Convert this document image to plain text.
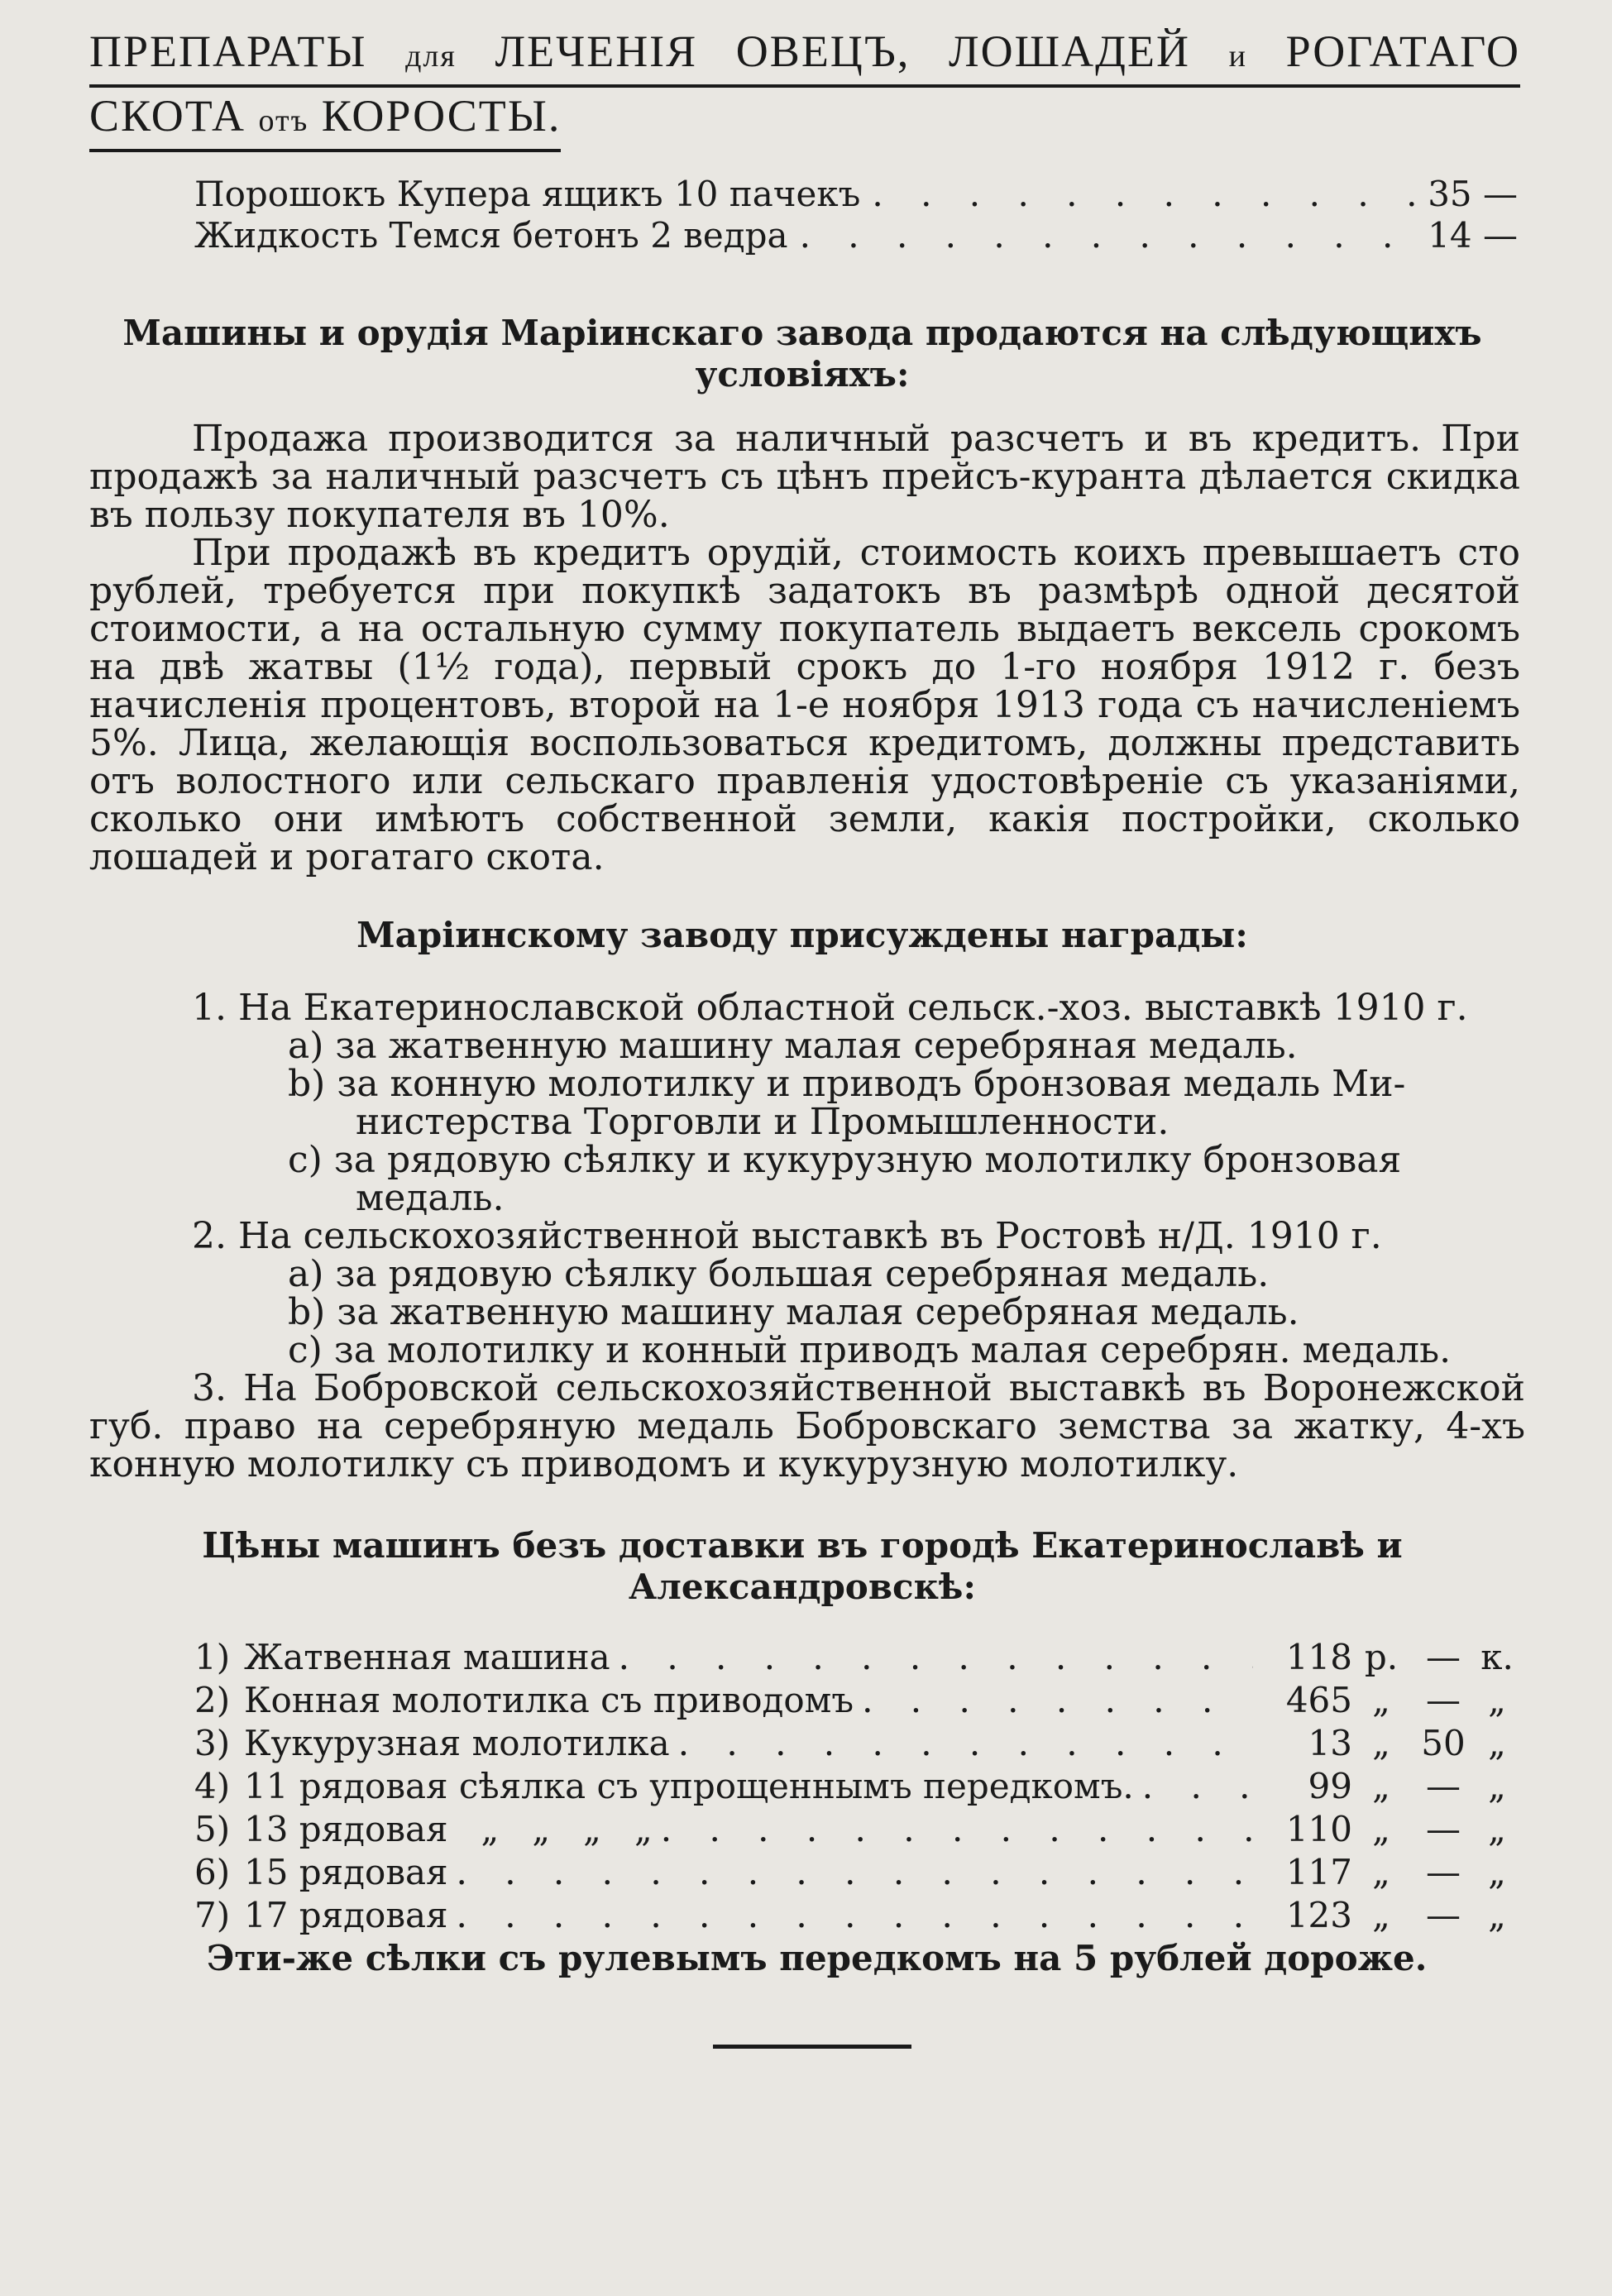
ПРЕПАРАТЫ для ЛЕЧЕНІЯ ОВЕЦЪ, ЛОШАДЕЙ и РОГАТАГО
СКОТА отъ КОРОСТЫ.
Порошокъ Купера ящикъ 10 пачекъ . . .	35 —
Жидкость Темся бетонъ 2 ведра . . .	14 —
Машины и орудія Маріинскаго завода продаются на слѣдующихъ условіяхъ:

Продажа производится за наличный разсчетъ и въ кредитъ. При продажѣ за наличный разсчетъ съ цѣнъ прейсъ-куранта дѣлается скидка въ пользу покупателя въ 10%.

При продажѣ въ кредитъ орудій, стоимость коихъ превышаетъ сто рублей, требуется при покупкѣ задатокъ въ размѣрѣ одной десятой стоимости, а на остальную сумму покупатель выдаетъ вексель срокомъ на двѣ жатвы (1½ года), первый срокъ до 1-го ноября 1912 г. безъ начисленія процентовъ, второй на 1-е ноября 1913 года съ начисленіемъ 5%. Лица, желающія воспользоваться кредитомъ, должны представить отъ волостного или сельскаго правленія удостовѣреніе съ указаніями, сколько они имѣютъ собственной земли, какія постройки, сколько лошадей и рогатаго скота.

Маріинскому заводу присуждены награды:

1. На Екатеринославской областной сельск.-хоз. выставкѣ 1910 г.

а) за жатвенную машину малая серебряная медаль.

b) за конную молотилку и приводъ бронзовая медаль Ми-

нистерства Торговли и Промышленности.

с) за рядовую сѣялку и кукурузную молотилку бронзовая

медаль.

2. На сельскохозяйственной выставкѣ въ Ростовѣ н/Д. 1910 г.

а) за рядовую сѣялку большая серебряная медаль.

b) за жатвенную машину малая серебряная медаль.

с) за молотилку и конный приводъ малая серебрян. медаль.

3. На Бобровской сельскохозяйственной выставкѣ въ Воронежской губ. право на серебряную медаль Бобровскаго земства за жатку, 4-хъ конную молотилку съ приводомъ и кукурузную молотилку.

Цѣны машинъ безъ доставки въ городѣ Екатеринославѣ и Александровскѣ:
1) Жатвенная машина . . .	118 р. — к.
2) Конная молотилка съ приводомъ . . .	465 „	— „
3) Кукурузная молотилка . . .	13 „ 50 „
4) 11 рядовая сѣялка съ упрощеннымъ передкомъ. . . .	99 „	— „
5) 13 рядовая   „   „   „   „ . . .	110 „	— „
6) 15 рядовая . . .	117 „	— „
7) 17 рядовая . . .	123 „	— „
Эти-же сѣлки съ рулевымъ передкомъ на 5 рублей дороже.
